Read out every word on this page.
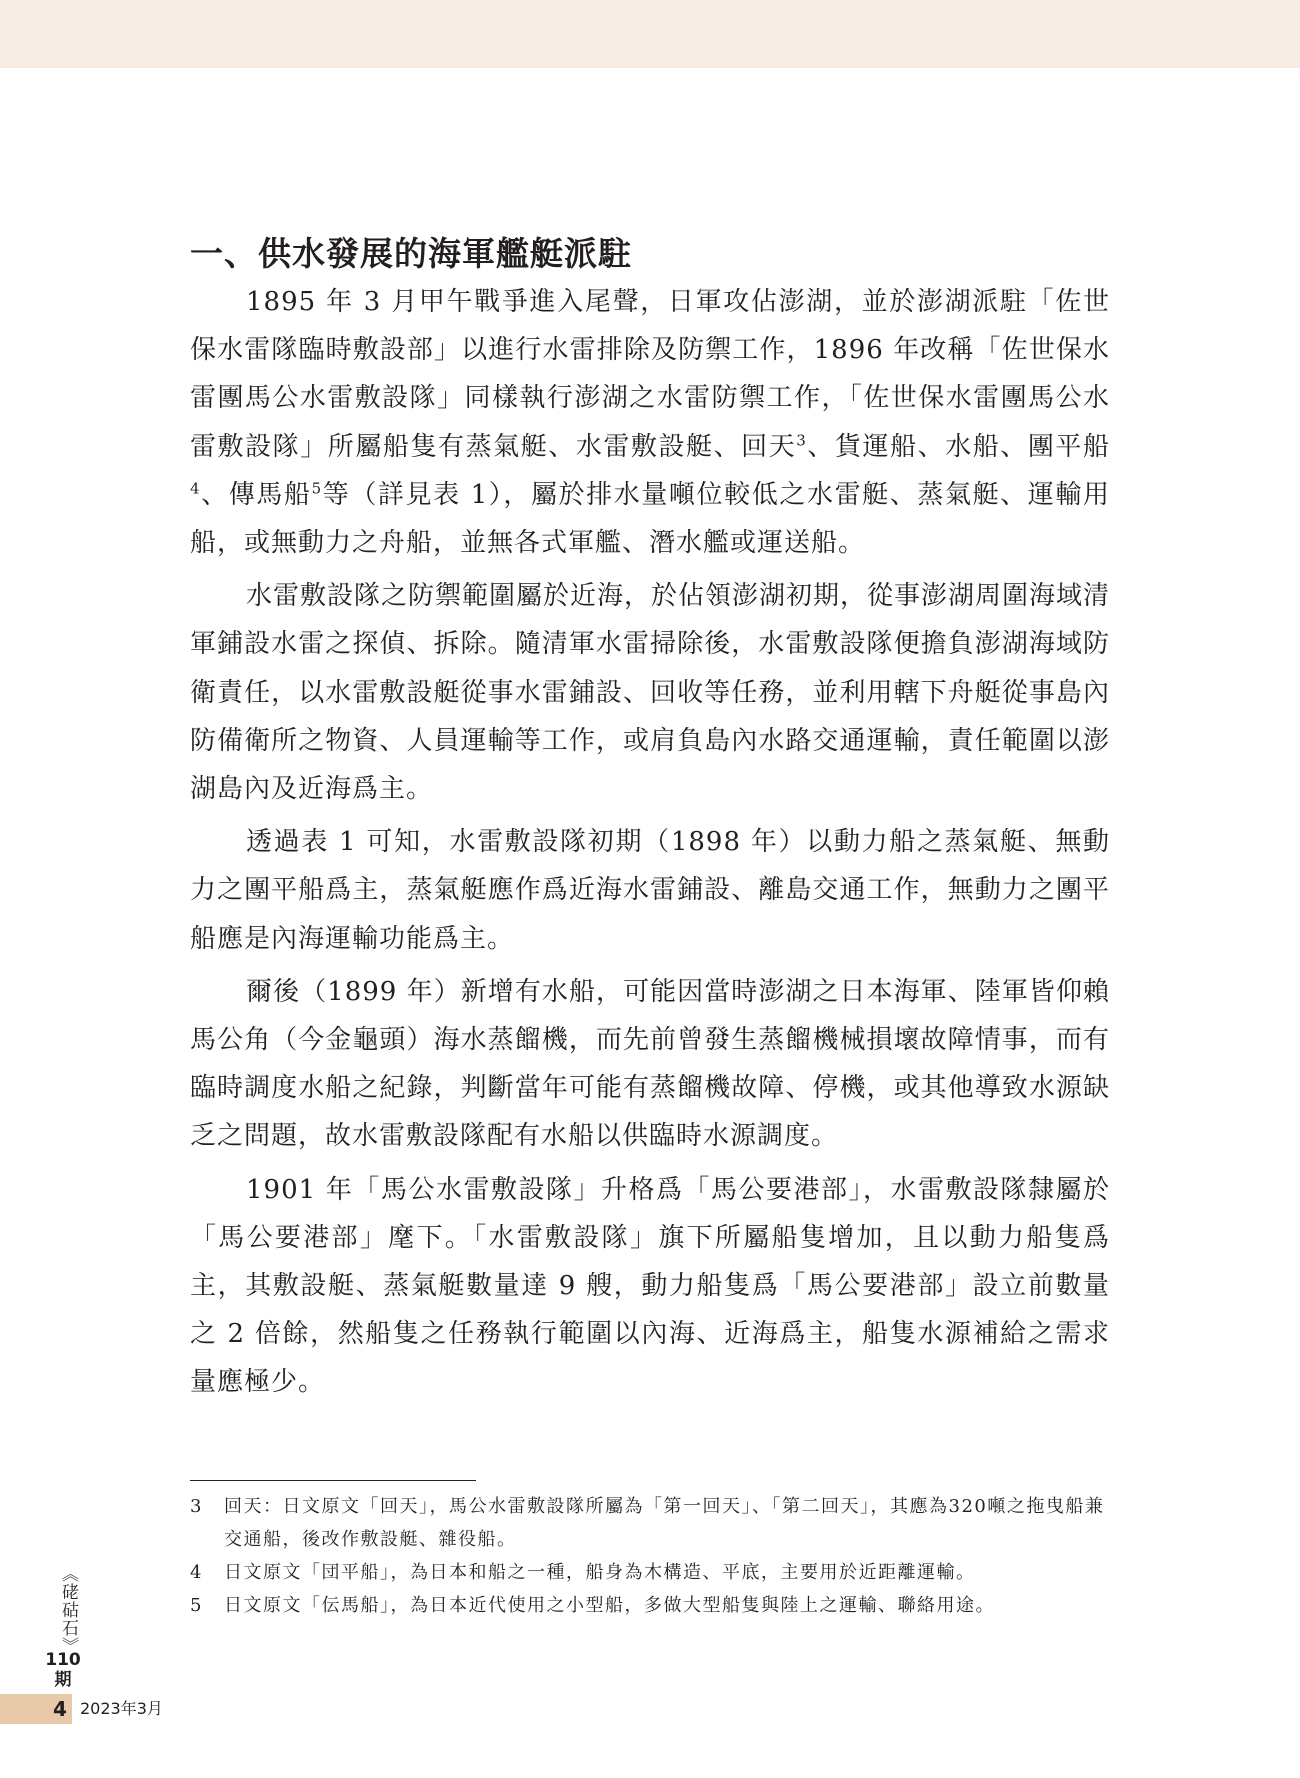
一、供水發展的海軍艦艇派駐

1895 年 3 月甲午戰爭進入尾聲，日軍攻佔澎湖，並於澎湖派駐「佐世保水雷隊臨時敷設部」以進行水雷排除及防禦工作，1896 年改稱「佐世保水雷團馬公水雷敷設隊」同樣執行澎湖之水雷防禦工作，「佐世保水雷團馬公水雷敷設隊」所屬船隻有蒸氣艇、水雷敷設艇、回天$^3$、貨運船、水船、團平船$^4$、傳馬船$^5$等（詳見表 1），屬於排水量噸位較低之水雷艇、蒸氣艇、運輸用船，或無動力之舟船，並無各式軍艦、潛水艦或運送船。

水雷敷設隊之防禦範圍屬於近海，於佔領澎湖初期，從事澎湖周圍海域清軍鋪設水雷之探偵、拆除。隨清軍水雷掃除後，水雷敷設隊便擔負澎湖海域防衛責任，以水雷敷設艇從事水雷鋪設、回收等任務，並利用轄下舟艇從事島內防備衛所之物資、人員運輸等工作，或肩負島內水路交通運輸，責任範圍以澎湖島內及近海爲主。

透過表 1 可知，水雷敷設隊初期（1898 年）以動力船之蒸氣艇、無動力之團平船爲主，蒸氣艇應作爲近海水雷鋪設、離島交通工作，無動力之團平船應是內海運輸功能爲主。

爾後（1899 年）新增有水船，可能因當時澎湖之日本海軍、陸軍皆仰賴馬公角（今金龜頭）海水蒸餾機，而先前曾發生蒸餾機械損壞故障情事，而有臨時調度水船之紀錄，判斷當年可能有蒸餾機故障、停機，或其他導致水源缺乏之問題，故水雷敷設隊配有水船以供臨時水源調度。

1901 年「馬公水雷敷設隊」升格爲「馬公要港部」，水雷敷設隊隸屬於「馬公要港部」麾下。「水雷敷設隊」旗下所屬船隻增加，且以動力船隻爲主，其敷設艇、蒸氣艇數量達 9 艘，動力船隻爲「馬公要港部」設立前數量之 2 倍餘，然船隻之任務執行範圍以內海、近海爲主，船隻水源補給之需求量應極少。

3	回天：日文原文「回天」，馬公水雷敷設隊所屬為「第一回天」、「第二回天」，其應為320噸之拖曳船兼交通船，後改作敷設艇、雜役船。
4	日文原文「団平船」，為日本和船之一種，船身為木構造、平底，主要用於近距離運輸。
5	日文原文「伝馬船」，為日本近代使用之小型船，多做大型船隻與陸上之運輸、聯絡用途。
《硓𥑮石》
110
期
4 2023年3月
